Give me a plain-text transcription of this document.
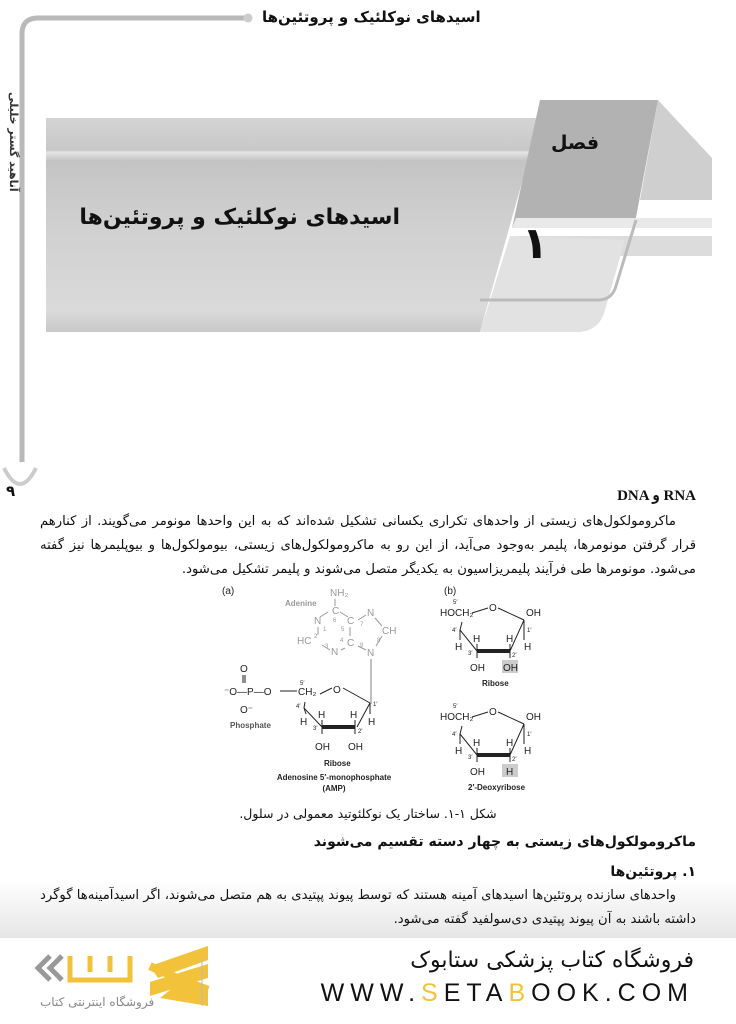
اسیدهای نوکلئیک و پروتئین‌ها
آناهید گستر خلیلی
۹
فصل
۱
اسیدهای نوکلئیک و پروتئین‌ها
DNA و RNA
ماکرومولکول‌های زیستی از واحدهای تکراری یکسانی تشکیل شده‌اند که به این واحدها مونومر می‌گویند. از کنارهم قرار گرفتن مونومرها، پلیمر به‌وجود می‌آید، از این رو به ماکرومولکول‌های زیستی، بیومولکول‌ها و بیوپلیمرها نیز گفته می‌شود. مونومرها طی فرآیند پلیمریزاسیون به یکدیگر متصل می‌شوند و پلیمر تشکیل می‌شود.
(a)
Adenine
NH₂
C
N	C
N
CH
HC	C
N	N
6
1 5
7
8
2
3
4
9
O
⁻O—P—O
O⁻
Phosphate
CH₂
5′
O
4′	1′
3′	2′
H H
H	H
OH OH
Ribose
Adenosine 5′-monophosphate
(AMP)
(b)
HOCH₂
5′	O	OH
4′	1′
H	H
H	H
3′	2′
OH OH
Ribose
HOCH₂
5′	O	OH
4′	1′
H	H
H	H
3′	2′
OH H
2′-Deoxyribose
شکل ۱-۱. ساختار یک نوکلئوتید معمولی در سلول.
ماکرومولکول‌های زیستی به چهار دسته تقسیم می‌شوند
۱. پروتئین‌ها
واحدهای سازنده پروتئین‌ها اسیدهای آمینه هستند که توسط پیوند پپتیدی به هم متصل می‌شوند، اگر اسیدآمینه‌ها گوگرد داشته باشند به آن پیوند پپتیدی دی‌سولفید گفته می‌شود.
فروشگاه اینترنتی کتاب
فروشگاه کتاب پزشکی ستابوک
WWW.SETABOOK.COM
